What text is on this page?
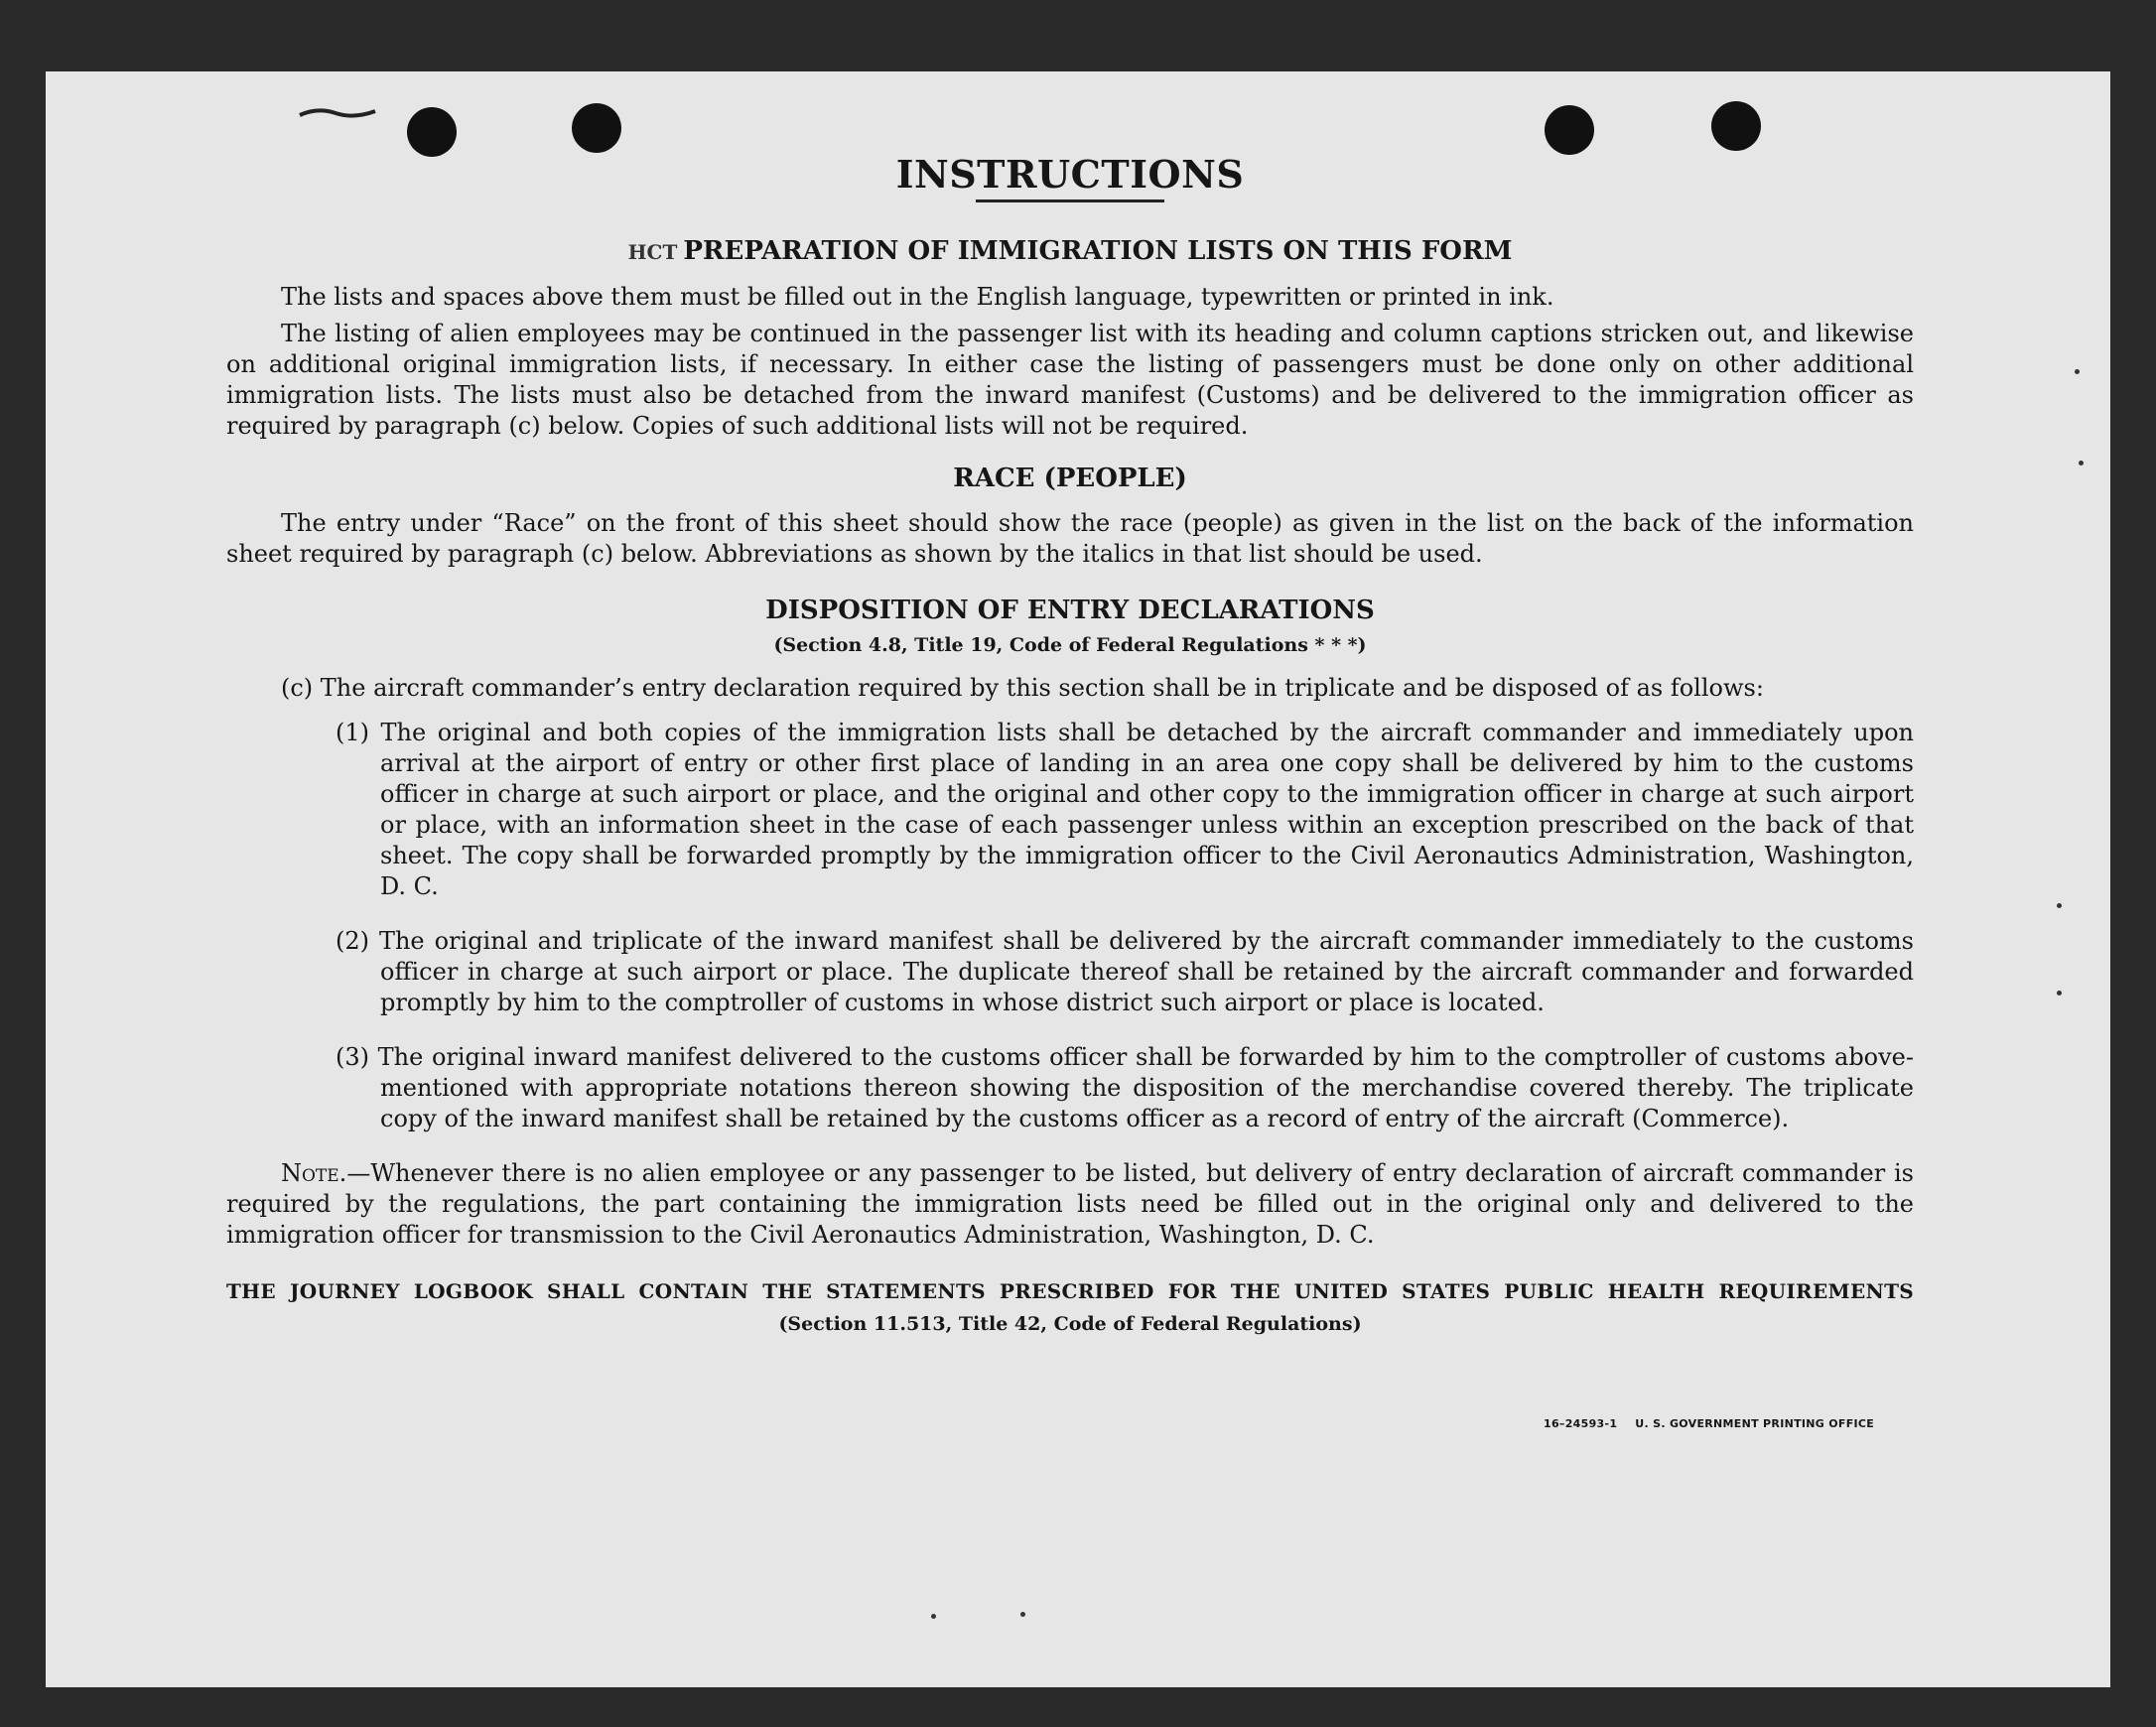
INSTRUCTIONS
HCT PREPARATION OF IMMIGRATION LISTS ON THIS FORM

The lists and spaces above them must be filled out in the English language, typewritten or printed in ink.

The listing of alien employees may be continued in the passenger list with its heading and column captions stricken out, and likewise on additional original immigration lists, if necessary. In either case the listing of passengers must be done only on other additional immigration lists. The lists must also be detached from the inward manifest (Customs) and be delivered to the immigration officer as required by paragraph (c) below. Copies of such additional lists will not be required.

RACE (PEOPLE)

The entry under “Race” on the front of this sheet should show the race (people) as given in the list on the back of the information sheet required by paragraph (c) below. Abbreviations as shown by the italics in that list should be used.

DISPOSITION OF ENTRY DECLARATIONS
(Section 4.8, Title 19, Code of Federal Regulations * * *)

(c) The aircraft commander’s entry declaration required by this section shall be in triplicate and be disposed of as follows:

(1) The original and both copies of the immigration lists shall be detached by the aircraft commander and immediately upon arrival at the airport of entry or other first place of landing in an area one copy shall be delivered by him to the customs officer in charge at such airport or place, and the original and other copy to the immigration officer in charge at such airport or place, with an information sheet in the case of each passenger unless within an exception prescribed on the back of that sheet. The copy shall be forwarded promptly by the immigration officer to the Civil Aeronautics Administration, Washington, D. C.

(2) The original and triplicate of the inward manifest shall be delivered by the aircraft commander immediately to the customs officer in charge at such airport or place. The duplicate thereof shall be retained by the aircraft commander and forwarded promptly by him to the comptroller of customs in whose district such airport or place is located.

(3) The original inward manifest delivered to the customs officer shall be forwarded by him to the comptroller of customs above-mentioned with appropriate notations thereon showing the disposition of the merchandise covered thereby. The triplicate copy of the inward manifest shall be retained by the customs officer as a record of entry of the aircraft (Commerce).

Note.—Whenever there is no alien employee or any passenger to be listed, but delivery of entry declaration of aircraft commander is required by the regulations, the part containing the immigration lists need be filled out in the original only and delivered to the immigration officer for transmission to the Civil Aeronautics Administration, Washington, D. C.

THE JOURNEY LOGBOOK SHALL CONTAIN THE STATEMENTS PRESCRIBED FOR THE UNITED STATES PUBLIC HEALTH REQUIREMENTS
(Section 11.513, Title 42, Code of Federal Regulations)
16–24593-1 U. S. GOVERNMENT PRINTING OFFICE
